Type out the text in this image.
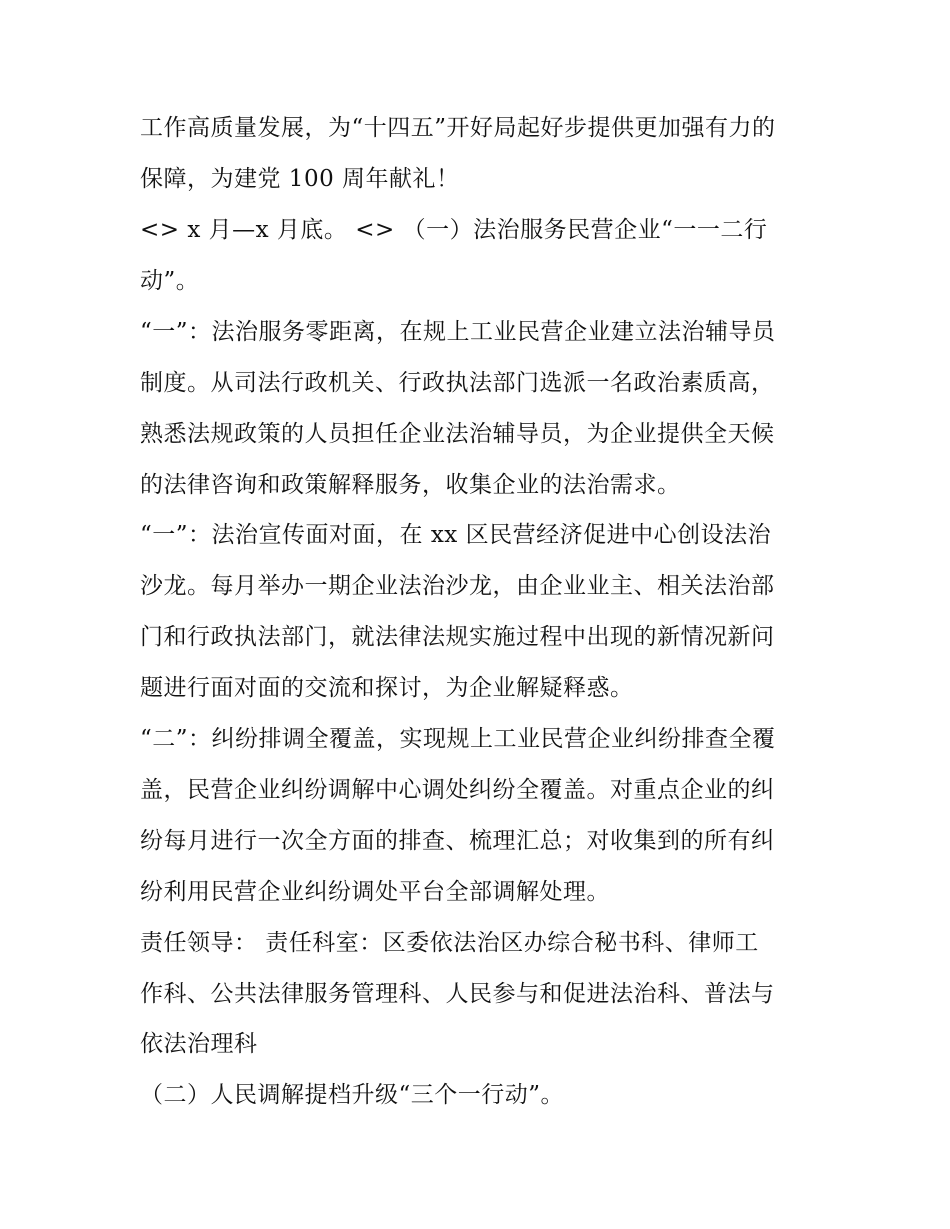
工作高质量发展，为“十四五”开好局起好步提供更加强有力的
保障，为建党 100 周年献礼！
<> x 月—x 月底。 <> （一）法治服务民营企业“一一二行
动”。
“一”：法治服务零距离，在规上工业民营企业建立法治辅导员
制度。从司法行政机关、行政执法部门选派一名政治素质高，
熟悉法规政策的人员担任企业法治辅导员，为企业提供全天候
的法律咨询和政策解释服务，收集企业的法治需求。
“一”：法治宣传面对面，在 xx 区民营经济促进中心创设法治
沙龙。每月举办一期企业法治沙龙，由企业业主、相关法治部
门和行政执法部门，就法律法规实施过程中出现的新情况新问
题进行面对面的交流和探讨，为企业解疑释惑。
“二”：纠纷排调全覆盖，实现规上工业民营企业纠纷排查全覆
盖，民营企业纠纷调解中心调处纠纷全覆盖。对重点企业的纠
纷每月进行一次全方面的排查、梳理汇总；对收集到的所有纠
纷利用民营企业纠纷调处平台全部调解处理。
责任领导： 责任科室：区委依法治区办综合秘书科、律师工
作科、公共法律服务管理科、人民参与和促进法治科、普法与
依法治理科
（二）人民调解提档升级“三个一行动”。
